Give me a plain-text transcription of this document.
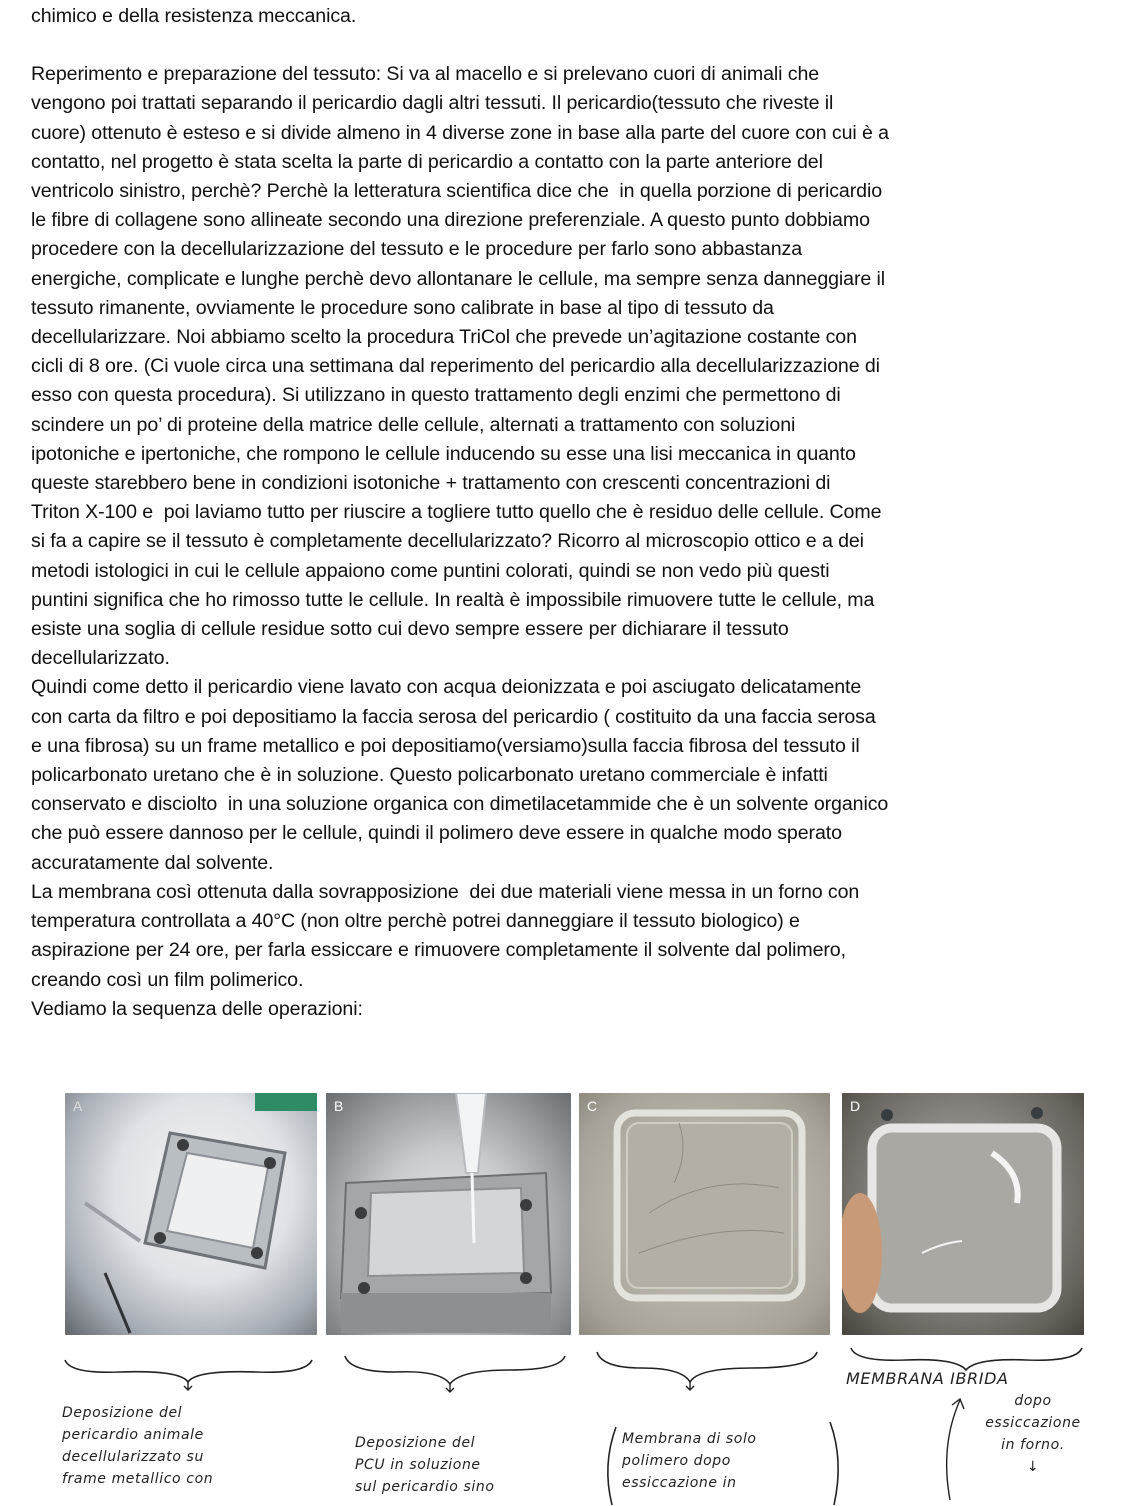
chimico e della resistenza meccanica.

Reperimento e preparazione del tessuto: Si va al macello e si prelevano cuori di animali che
vengono poi trattati separando il pericardio dagli altri tessuti. Il pericardio(tessuto che riveste il
cuore) ottenuto è esteso e si divide almeno in 4 diverse zone in base alla parte del cuore con cui è a
contatto, nel progetto è stata scelta la parte di pericardio a contatto con la parte anteriore del
ventricolo sinistro, perchè? Perchè la letteratura scientifica dice che  in quella porzione di pericardio
le fibre di collagene sono allineate secondo una direzione preferenziale. A questo punto dobbiamo
procedere con la decellularizzazione del tessuto e le procedure per farlo sono abbastanza
energiche, complicate e lunghe perchè devo allontanare le cellule, ma sempre senza danneggiare il
tessuto rimanente, ovviamente le procedure sono calibrate in base al tipo di tessuto da
decellularizzare. Noi abbiamo scelto la procedura TriCol che prevede un’agitazione costante con
cicli di 8 ore. (Ci vuole circa una settimana dal reperimento del pericardio alla decellularizzazione di
esso con questa procedura). Si utilizzano in questo trattamento degli enzimi che permettono di
scindere un po’ di proteine della matrice delle cellule, alternati a trattamento con soluzioni
ipotoniche e ipertoniche, che rompono le cellule inducendo su esse una lisi meccanica in quanto
queste starebbero bene in condizioni isotoniche + trattamento con crescenti concentrazioni di
Triton X-100 e  poi laviamo tutto per riuscire a togliere tutto quello che è residuo delle cellule. Come
si fa a capire se il tessuto è completamente decellularizzato? Ricorro al microscopio ottico e a dei
metodi istologici in cui le cellule appaiono come puntini colorati, quindi se non vedo più questi
puntini significa che ho rimosso tutte le cellule. In realtà è impossibile rimuovere tutte le cellule, ma
esiste una soglia di cellule residue sotto cui devo sempre essere per dichiarare il tessuto
decellularizzato.

Quindi come detto il pericardio viene lavato con acqua deionizzata e poi asciugato delicatamente
con carta da filtro e poi depositiamo la faccia serosa del pericardio ( costituito da una faccia serosa
e una fibrosa) su un frame metallico e poi depositiamo(versiamo)sulla faccia fibrosa del tessuto il
policarbonato uretano che è in soluzione. Questo policarbonato uretano commerciale è infatti
conservato e disciolto  in una soluzione organica con dimetilacetammide che è un solvente organico
che può essere dannoso per le cellule, quindi il polimero deve essere in qualche modo sperato
accuratamente dal solvente.

La membrana così ottenuta dalla sovrapposizione  dei due materiali viene messa in un forno con
temperatura controllata a 40°C (non oltre perchè potrei danneggiare il tessuto biologico) e
aspirazione per 24 ore, per farla essiccare e rimuovere completamente il solvente dal polimero,
creando così un film polimerico.
Vediamo la sequenza delle operazioni:

A	B	C	D
Deposizione del
pericardio animale
decellularizzato su
frame metallico con
Deposizione del
PCU in soluzione
sul pericardio sino
Membrana di solo
polimero dopo
essiccazione in
MEMBRANA IBRIDA
dopo
essiccazione
in forno.
↓
